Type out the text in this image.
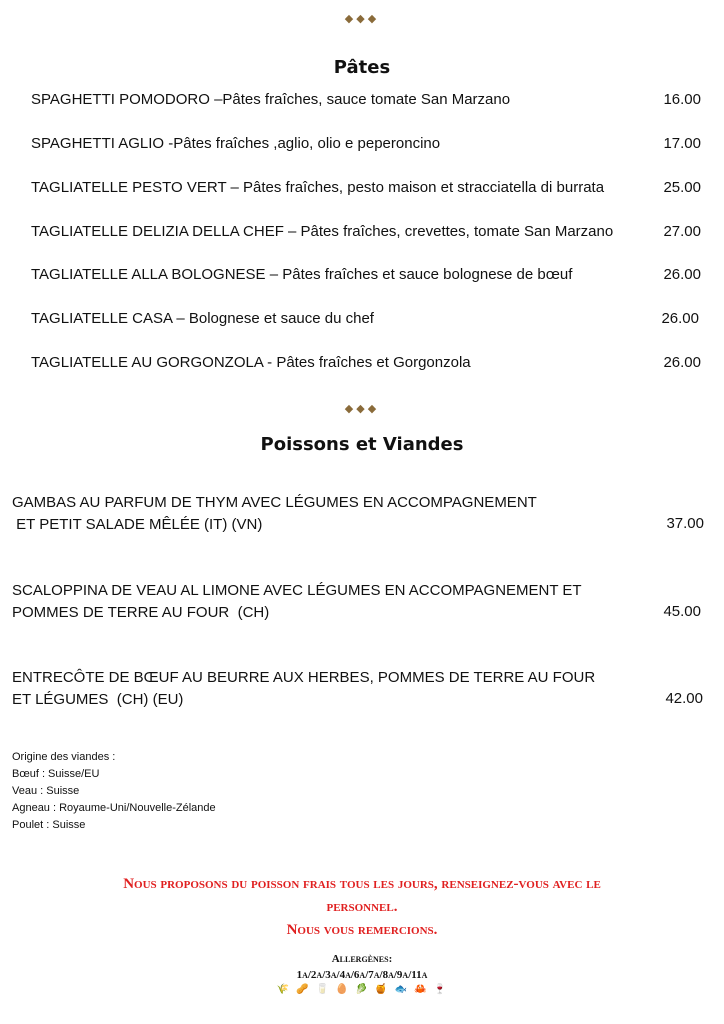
◆◆◆
Pâtes
SPAGHETTI POMODORO –Pâtes fraîches, sauce tomate San Marzano	16.00
SPAGHETTI AGLIO -Pâtes fraîches ,aglio, olio e peperoncino	17.00
TAGLIATELLE PESTO VERT – Pâtes fraîches, pesto maison et stracciatella di burrata	25.00
TAGLIATELLE DELIZIA DELLA CHEF – Pâtes fraîches, crevettes, tomate San Marzano	27.00
TAGLIATELLE ALLA BOLOGNESE – Pâtes fraîches et sauce bolognese de bœuf	26.00
TAGLIATELLE CASA – Bolognese et sauce du chef	26.00
TAGLIATELLE AU GORGONZOLA - Pâtes fraîches et Gorgonzola	26.00
◆◆◆
Poissons et Viandes
GAMBAS AU PARFUM DE THYM AVEC LÉGUMES EN ACCOMPAGNEMENT
ET PETIT SALADE MÊLÉE (IT) (VN)	37.00
SCALOPPINA DE VEAU AL LIMONE AVEC LÉGUMES EN ACCOMPAGNEMENT ET
POMMES DE TERRE AU FOUR  (CH)	45.00
ENTRECÔTE DE BŒUF AU BEURRE AUX HERBES, POMMES DE TERRE AU FOUR
ET LÉGUMES  (CH) (EU)	42.00
Origine des viandes :
Bœuf : Suisse/EU
Veau : Suisse
Agneau : Royaume-Uni/Nouvelle-Zélande
Poulet : Suisse
Nous proposons du poisson frais tous les jours, renseignez-vous avec le
personnel.
Nous vous remercions.
Allergènes:
1a/2a/3a/4a/6a/7a/8a/9a/11a
🌾 🥜 🥛 🥚 🥬 🍯 🐟 🦀 🍷
